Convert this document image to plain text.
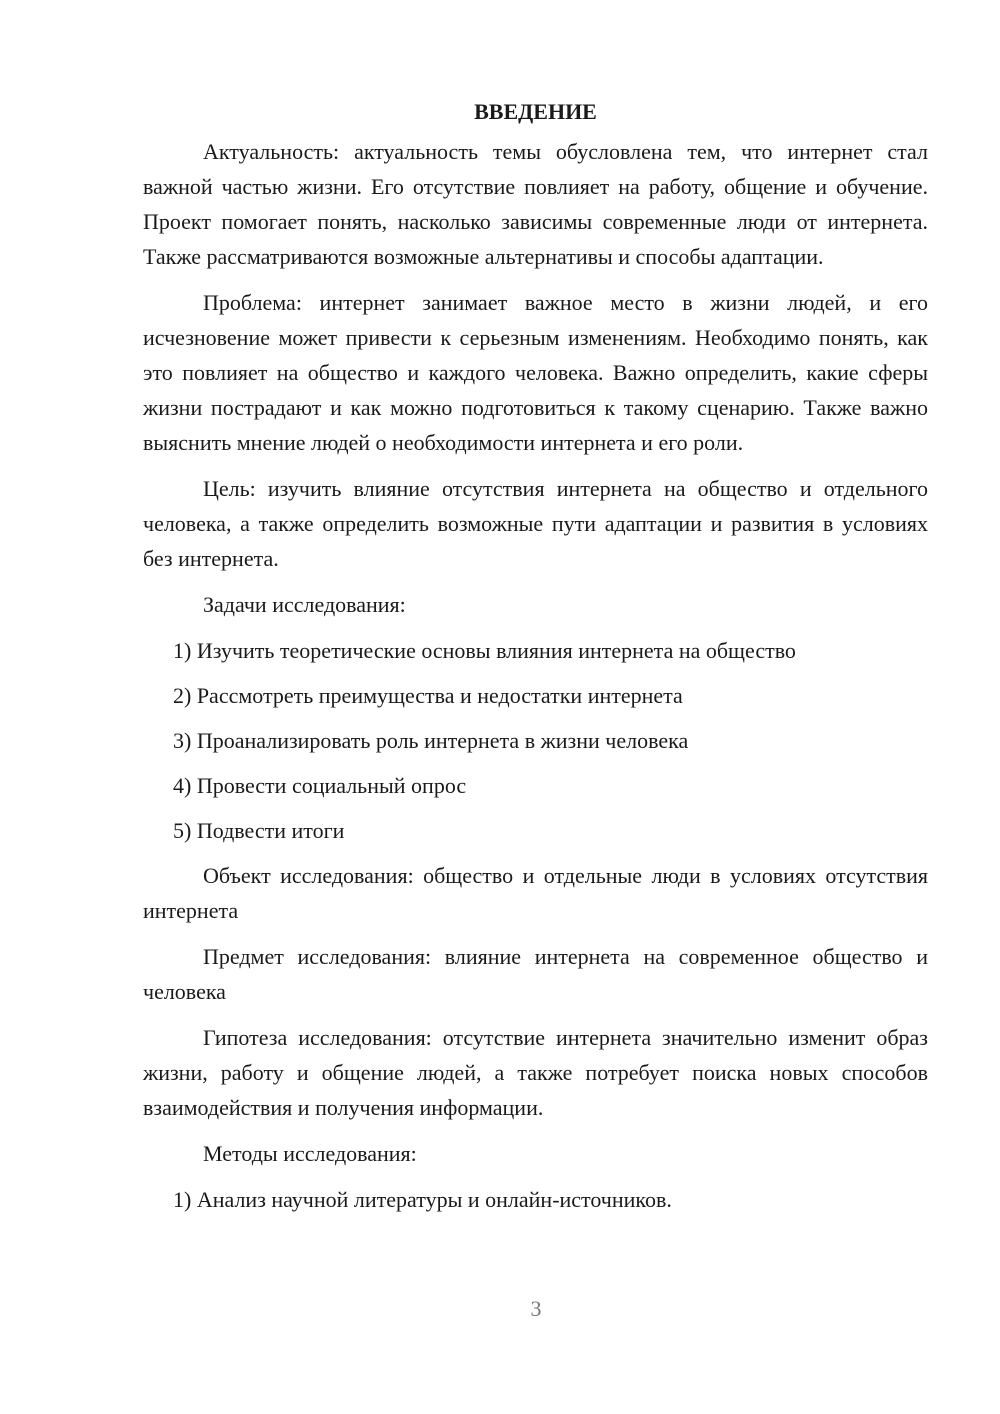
ВВЕДЕНИЕ

Актуальность: актуальность темы обусловлена тем, что интернет стал важной частью жизни. Его отсутствие повлияет на работу, общение и обучение. Проект помогает понять, насколько зависимы современные люди от интернета. Также рассматриваются возможные альтернативы и способы адаптации.

Проблема: интернет занимает важное место в жизни людей, и его исчезновение может привести к серьезным изменениям. Необходимо понять, как это повлияет на общество и каждого человека. Важно определить, какие сферы жизни пострадают и как можно подготовиться к такому сценарию. Также важно выяснить мнение людей о необходимости интернета и его роли.

Цель: изучить влияние отсутствия интернета на общество и отдельного человека, а также определить возможные пути адаптации и развития в условиях без интернета.

Задачи исследования:

1) Изучить теоретические основы влияния интернета на общество
2) Рассмотреть преимущества и недостатки интернета
3) Проанализировать роль интернета в жизни человека
4) Провести социальный опрос
5) Подвести итоги

Объект исследования: общество и отдельные люди в условиях отсутствия интернета

Предмет исследования: влияние интернета на современное общество и человека

Гипотеза исследования: отсутствие интернета значительно изменит образ жизни, работу и общение людей, а также потребует поиска новых способов взаимодействия и получения информации.

Методы исследования:

1) Анализ научной литературы и онлайн-источников.
3
